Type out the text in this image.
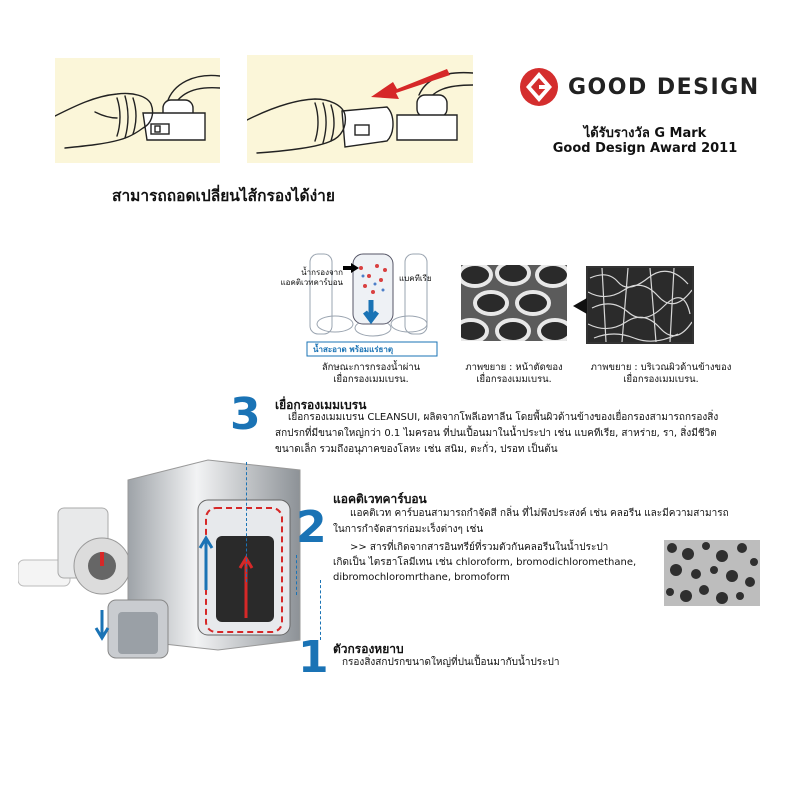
สามารถถอดเปลี่ยนไส้กรองได้ง่าย
GOOD DESIGN
ได้รับรางวัล G Mark
Good Design Award 2011
น้ำกรองจาก
แอคติเวทคาร์บอน	แบคทีเรีย
น้ำสะอาด พร้อมแร่ธาตุ
ลักษณะการกรองน้ำผ่าน
เยื่อกรองเมมเบรน.
ภาพขยาย : หน้าตัดของ
เยื่อกรองเมมเบรน.
ภาพขยาย : บริเวณผิวด้านข้างของ
เยื่อกรองเมมเบรน.
3 เยื่อกรองเมมเบรน
เยื่อกรองเมมเบรน CLEANSUI, ผลิตจากโพลีเอทาลีน โดยพื้นผิวด้านข้างของเยื่อกรองสามารถกรองสิ่ง
สกปรกที่มีขนาดใหญ่กว่า 0.1 ไมครอน ที่ปนเปื้อนมาในน้ำประปา เช่น แบคทีเรีย, สาหร่าย, รา, สิ่งมีชีวิต
ขนาดเล็ก รวมถึงอนุภาคของโลหะ เช่น สนิม, ตะกั่ว, ปรอท เป็นต้น
2
แอคติเวทคาร์บอน
แอคติเวท คาร์บอนสามารถกำจัดสี กลิ่น ที่ไม่พึงประสงค์ เช่น คลอรีน และมีความสามารถ
ในการกำจัดสารก่อมะเร็งต่างๆ เช่น
>> สารที่เกิดจากสารอินทรีย์ที่รวมตัวกันคลอรีนในน้ำประปา
เกิดเป็น ไตรฮาโลมีเทน เช่น chloroform, bromodichloromethane,
dibromochloromrthane, bromoform
1 ตัวกรองหยาบ
กรองสิ่งสกปรกขนาดใหญ่ที่ปนเปื้อนมากับน้ำประปา
